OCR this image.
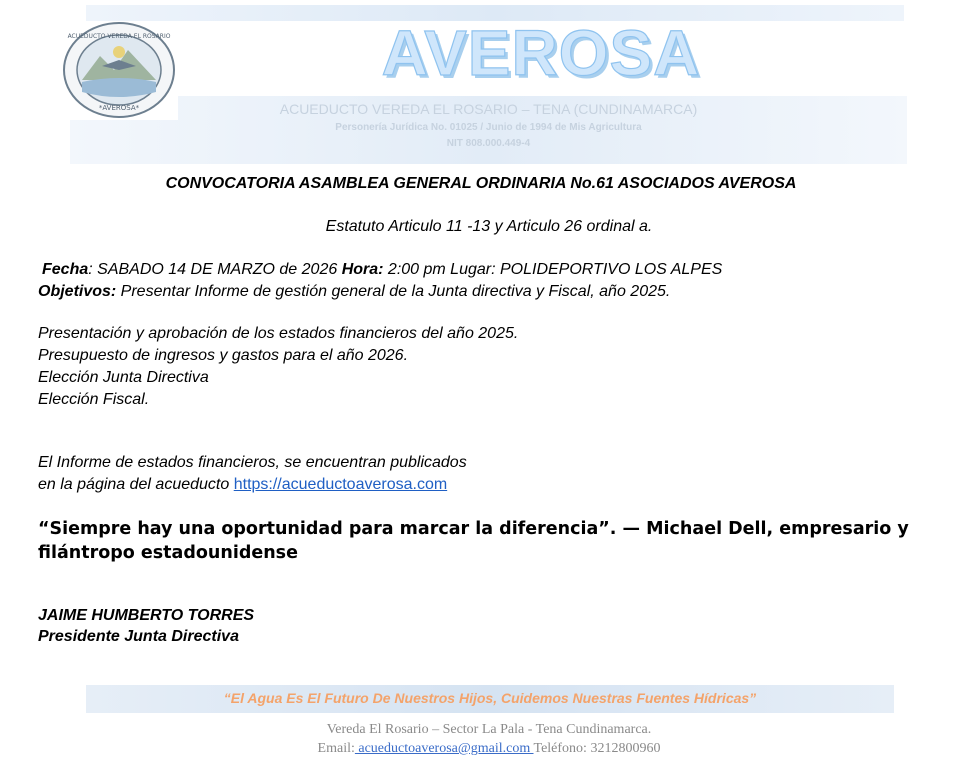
ACUEDUCTO VEREDA EL ROSARIO
*AVEROSA*
AVEROSA
ACUEDUCTO VEREDA EL ROSARIO – TENA (CUNDINAMARCA)
Personería Jurídica No. 01025 / Junio de 1994 de Mis Agricultura
NIT 808.000.449-4
CONVOCATORIA ASAMBLEA GENERAL ORDINARIA No.61 ASOCIADOS AVEROSA
Estatuto Articulo 11 -13 y Articulo 26 ordinal a.
Fecha: SABADO 14 DE MARZO de 2026 Hora: 2:00 pm Lugar: POLIDEPORTIVO LOS ALPES
Objetivos: Presentar Informe de gestión general de la Junta directiva y Fiscal, año 2025.
Presentación y aprobación de los estados financieros del año 2025.
Presupuesto de ingresos y gastos para el año 2026.
Elección Junta Directiva
Elección Fiscal.
El Informe de estados financieros, se encuentran publicados
en la página del acueducto https://acueductoaverosa.com
“Siempre hay una oportunidad para marcar la diferencia”. — Michael Dell, empresario y filántropo estadounidense
JAIME HUMBERTO TORRES
Presidente Junta Directiva
“El Agua Es El Futuro De Nuestros Hijos, Cuidemos Nuestras Fuentes Hídricas”
Vereda El Rosario – Sector La Pala - Tena Cundinamarca.
Email: acueductoaverosa@gmail.com Teléfono: 3212800960
